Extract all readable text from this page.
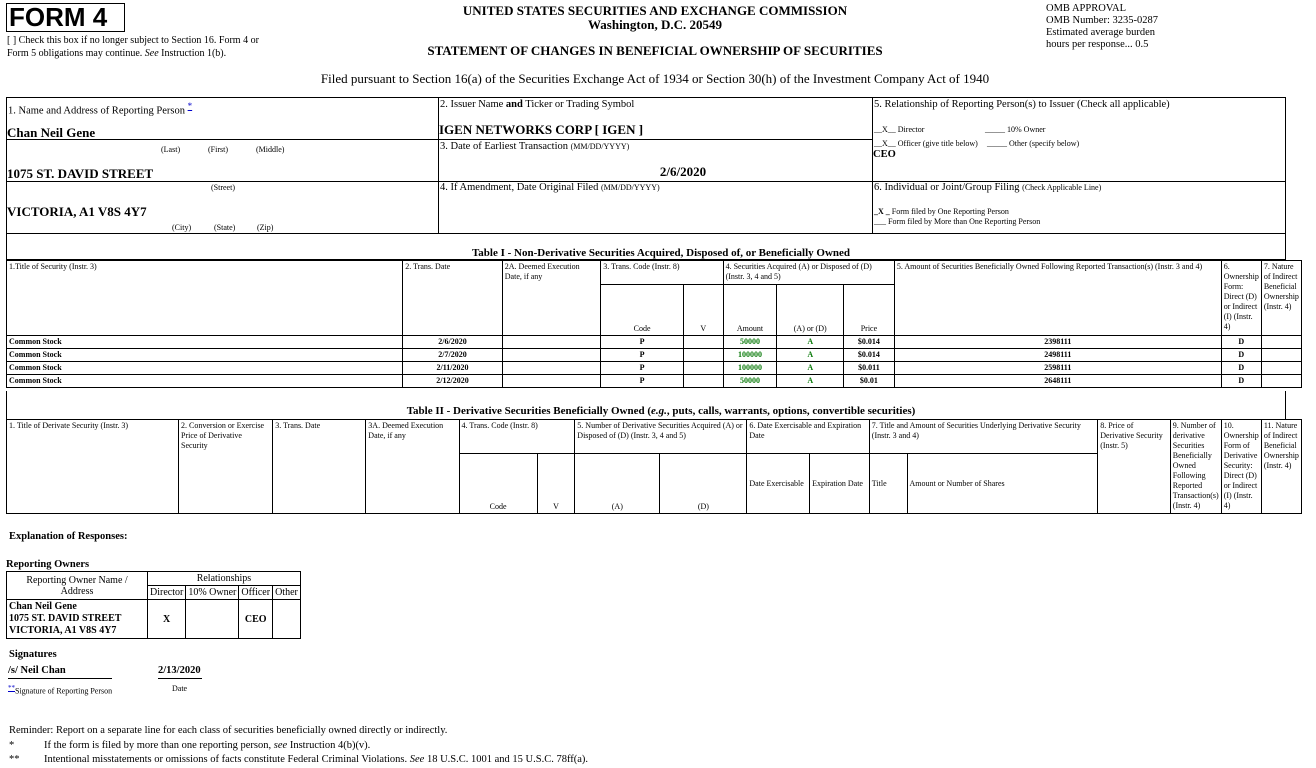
FORM 4
[ ] Check this box if no longer subject to Section 16. Form 4 or
Form 5 obligations may continue. See Instruction 1(b).
UNITED STATES SECURITIES AND EXCHANGE COMMISSION
Washington, D.C. 20549
STATEMENT OF CHANGES IN BENEFICIAL OWNERSHIP OF SECURITIES
Filed pursuant to Section 16(a) of the Securities Exchange Act of 1934 or Section 30(h) of the Investment Company Act of 1940
OMB APPROVAL
OMB Number: 3235-0287
Estimated average burden
hours per response... 0.5
1. Name and Address of Reporting Person *
Chan Neil Gene
(Last)	(First)	(Middle)
1075 ST. DAVID STREET
(Street)
VICTORIA, A1 V8S 4Y7
(City)	(State)	(Zip)
2. Issuer Name and Ticker or Trading Symbol
IGEN NETWORKS CORP [ IGEN ]
3. Date of Earliest Transaction (MM/DD/YYYY)
2/6/2020
4. If Amendment, Date Original Filed (MM/DD/YYYY)
5. Relationship of Reporting Person(s) to Issuer (Check all applicable)
__X__ Director	_____ 10% Owner
__X__ Officer (give title below) _____ Other (specify below)
CEO
6. Individual or Joint/Group Filing (Check Applicable Line)
_X _ Form filed by One Reporting Person
___ Form filed by More than One Reporting Person
Table I - Non-Derivative Securities Acquired, Disposed of, or Beneficially Owned
1.Title of Security (Instr. 3)	2. Trans. Date	2A. Deemed Execution Date, if any	3. Trans. Code (Instr. 8)		4. Securities Acquired (A) or Disposed of (D) (Instr. 3, 4 and 5)			5. Amount of Securities Beneficially Owned Following Reported Transaction(s) (Instr. 3 and 4)	6. Ownership Form: Direct (D) or Indirect (I) (Instr. 4)	7. Nature of Indirect Beneficial Ownership (Instr. 4)
			Code	V	Amount	(A) or (D)	Price			
Common Stock	2/6/2020		P		50000	A	$0.014	2398111	D	
Common Stock	2/7/2020		P		100000	A	$0.014	2498111	D	
Common Stock	2/11/2020		P		100000	A	$0.011	2598111	D	
Common Stock	2/12/2020		P		50000	A	$0.01	2648111	D	
Table II - Derivative Securities Beneficially Owned (e.g., puts, calls, warrants, options, convertible securities)
1. Title of Derivate Security (Instr. 3)	2. Conversion or Exercise Price of Derivative Security	3. Trans. Date	3A. Deemed Execution Date, if any	4. Trans. Code (Instr. 8)		5. Number of Derivative Securities Acquired (A) or Disposed of (D) (Instr. 3, 4 and 5)		6. Date Exercisable and Expiration Date		7. Title and Amount of Securities Underlying Derivative Security (Instr. 3 and 4)		8. Price of Derivative Security (Instr. 5)	9. Number of derivative Securities Beneficially Owned Following Reported Transaction(s) (Instr. 4)	10. Ownership Form of Derivative Security: Direct (D) or Indirect (I) (Instr. 4)	11. Nature of Indirect Beneficial Ownership (Instr. 4)
				Code	V	(A)	(D)	Date Exercisable	Expiration Date	Title	Amount or Number of Shares				
Explanation of Responses:
Reporting Owners
Reporting Owner Name / Address	Relationships			
	Director	10% Owner	Officer	Other

Chan Neil Gene
1075 ST. DAVID STREET
VICTORIA, A1 V8S 4Y7	X		CEO	
Signatures
/s/ Neil Chan	2/13/2020
**Signature of Reporting Person	Date
Reminder: Report on a separate line for each class of securities beneficially owned directly or indirectly.
*	If the form is filed by more than one reporting person, see Instruction 4(b)(v).
** Intentional misstatements or omissions of facts constitute Federal Criminal Violations. See 18 U.S.C. 1001 and 15 U.S.C. 78ff(a).
